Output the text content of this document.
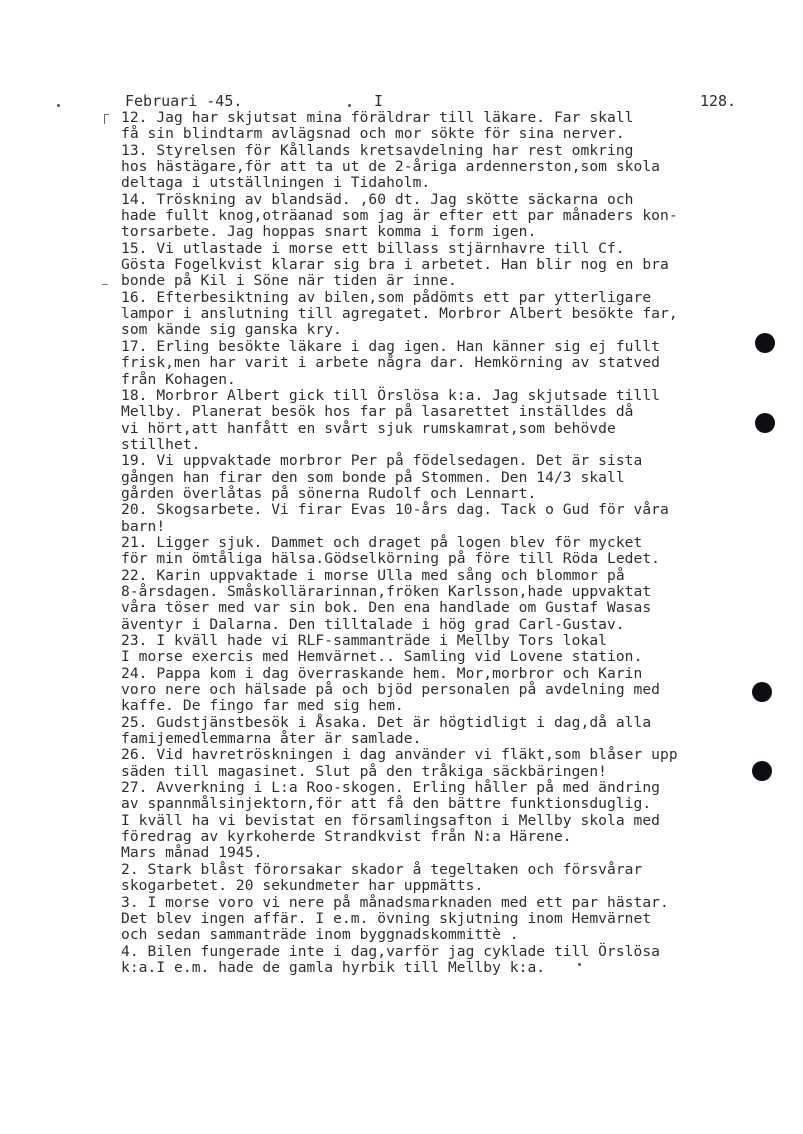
Februari -45.	I	128.
12. Jag har skjutsat mina föräldrar till läkare. Far skall
få sin blindtarm avlägsnad och mor sökte för sina nerver.
13. Styrelsen för Kållands kretsavdelning har rest omkring
hos hästägare,för att ta ut de 2-åriga ardennerston,som skola
deltaga i utställningen i Tidaholm.
14. Tröskning av blandsäd. ,60 dt. Jag skötte säckarna och
hade fullt knog,oträanad som jag är efter ett par månaders kon-
torsarbete. Jag hoppas snart komma i form igen.
15. Vi utlastade i morse ett billass stjärnhavre till Cf.
Gösta Fogelkvist klarar sig bra i arbetet. Han blir nog en bra
bonde på Kil i Söne när tiden är inne.
16. Efterbesiktning av bilen,som pådömts ett par ytterligare
lampor i anslutning till agregatet. Morbror Albert besökte far,
som kände sig ganska kry.
17. Erling besökte läkare i dag igen. Han känner sig ej fullt
frisk,men har varit i arbete några dar. Hemkörning av statved
från Kohagen.
18. Morbror Albert gick till Örslösa k:a. Jag skjutsade tilll
Mellby. Planerat besök hos far på lasarettet inställdes då
vi hört,att hanfått en svårt sjuk rumskamrat,som behövde
stillhet.
19. Vi uppvaktade morbror Per på födelsedagen. Det är sista
gången han firar den som bonde på Stommen. Den 14/3 skall
gården överlåtas på sönerna Rudolf och Lennart.
20. Skogsarbete. Vi firar Evas 10-års dag. Tack o Gud för våra
barn!
21. Ligger sjuk. Dammet och draget på logen blev för mycket
för min ömtåliga hälsa.Gödselkörning på före till Röda Ledet.
22. Karin uppvaktade i morse Ulla med sång och blommor på
8-årsdagen. Småskollärarinnan,fröken Karlsson,hade uppvaktat
våra töser med var sin bok. Den ena handlade om Gustaf Wasas
äventyr i Dalarna. Den tilltalade i hög grad Carl-Gustav.
23. I kväll hade vi RLF-sammanträde i Mellby Tors lokal
I morse exercis med Hemvärnet.. Samling vid Lovene station.
24. Pappa kom i dag överraskande hem. Mor,morbror och Karin
voro nere och hälsade på och bjöd personalen på avdelning med
kaffe. De fingo far med sig hem.
25. Gudstjänstbesök i Åsaka. Det är högtidligt i dag,då alla
famijemedlemmarna åter är samlade.
26. Vid havretröskningen i dag använder vi fläkt,som blåser upp
säden till magasinet. Slut på den tråkiga säckbäringen!
27. Avverkning i L:a Roo-skogen. Erling håller på med ändring
av spannmålsinjektorn,för att få den bättre funktionsduglig.
I kväll ha vi bevistat en församlingsafton i Mellby skola med
föredrag av kyrkoherde Strandkvist från N:a Härene.
Mars månad 1945.
2. Stark blåst förorsakar skador å tegeltaken och försvårar
skogarbetet. 20 sekundmeter har uppmätts.
3. I morse voro vi nere på månadsmarknaden med ett par hästar.
Det blev ingen affär. I e.m. övning skjutning inom Hemvärnet
och sedan sammanträde inom byggnadskommittè .
4. Bilen fungerade inte i dag,varför jag cyklade till Örslösa
k:a.I e.m. hade de gamla hyrbik till Mellby k:a.
